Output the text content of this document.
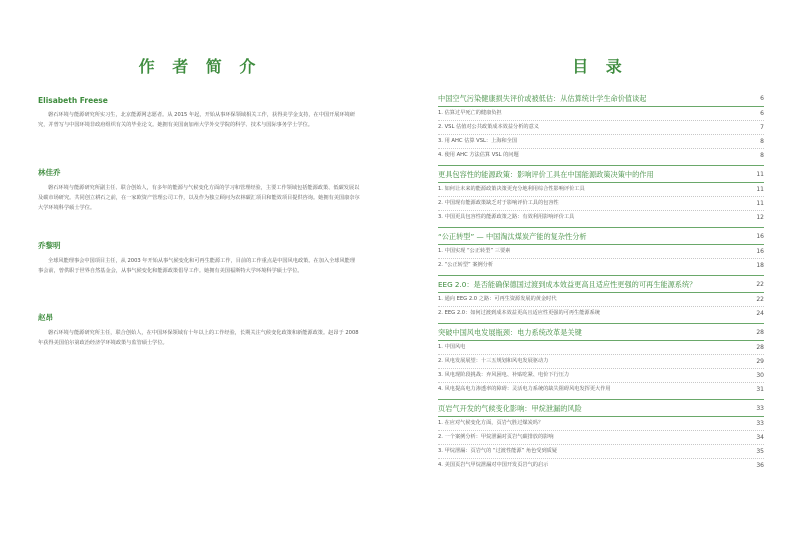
作 者 简 介
Elisabeth Freese

磐石环境与能源研究所实习生，北京能源网志愿者。从 2015 年起，开始从事环保领域相关工作，获得美学金支持，在中国开展环境研究，并曾写与中国环境非政府组织有关的毕业论文。她拥有美国南加州大学外交学院的科学、技术与国际事务学士学位。

林佳乔

磐石环境与能源研究所副主任、联合创始人，有多年的能源与气候变化方面的学习和管理经验，主要工作领域包括能源政策、低碳发展以及碳市场研究。共同创立耕石之前，在一家欧资产管理公司工作，以及作为独立顾问为农林碳汇项目和能效项目提供咨询。她拥有美国康奈尔大学环境科学硕士学位。

乔黎明

全球风能理事会中国项目主任，从 2003 年开始从事气候变化和可再生能源工作，目前的工作重点是中国风电政策。在加入全球风能理事会前，曾供职于世界自然基金会，从事气候变化和能源政策倡导工作。她拥有美国福斯特大学环境科学硕士学位。

赵昂

磐石环境与能源研究所主任，联合创始人，在中国环保领域有十年以上的工作经验，长期关注气候变化政策和新能源政策。赵昂于 2008 年获得美国伯尔第政治经济学环境政策与监管硕士学位。

目 录
中国空气污染健康损失评价或被低估：从估算统计学生命价值谈起	6
1. 估算过早死亡的健康负担	6
2. VSL 估值对公共政策成本效益分析的意义	7
3. 用 AHC 估算 VSL：上海和全国	8
4. 使用 AHC 方法估算 VSL 的问题	8
更具包容性的能源政策：影响评价工具在中国能源政策决策中的作用	11
1. 如何让未来的能源政策决策更充分地利用综合性影响评价工具	11
2. 中国现有能源政策缺乏对于影响评价工具的包容性	11
3. 中国更具包容性的能源政策之路：有效利用影响评价工具	12
“公正转型” — 中国淘汰煤炭产能的复杂性分析	16
1. 中国实现 “公正转型” 三要素	16
2. “公正转型” 案例分析	18
EEG 2.0：是否能确保德国过渡到成本效益更高且适应性更强的可再生能源系统？	22
1. 通向 EEG 2.0 之路：可再生资源发展的黄金时代	22
2. EEG 2.0：如何过渡到成本效益更高且适应性更强的可再生能源系统	24
突破中国风电发展瓶颈：电力系统改革是关键	28
1. 中国风电	28
2. 风电发展展望：十三五规划和风电发展驱动力	29
3. 风电现阶段挑战：弃风困电、补贴吃紧、电价下行压力	30
4. 风电提高电力渗透率的障碍：灵活电力系统的缺失阻碍风电发挥更大作用	31
页岩气开发的气候变化影响：甲烷泄漏的风险	33
1. 在应对气候变化方面，页岩气胜过煤炭吗？	33
2. 一个案例分析：甲烷泄漏对页岩气碳排放的影响	34
3. 甲烷泄漏：页岩气的 “过渡性能源” 角色受到质疑	35
4. 美国页岩气甲烷泄漏对中国开发页岩气的启示	36
